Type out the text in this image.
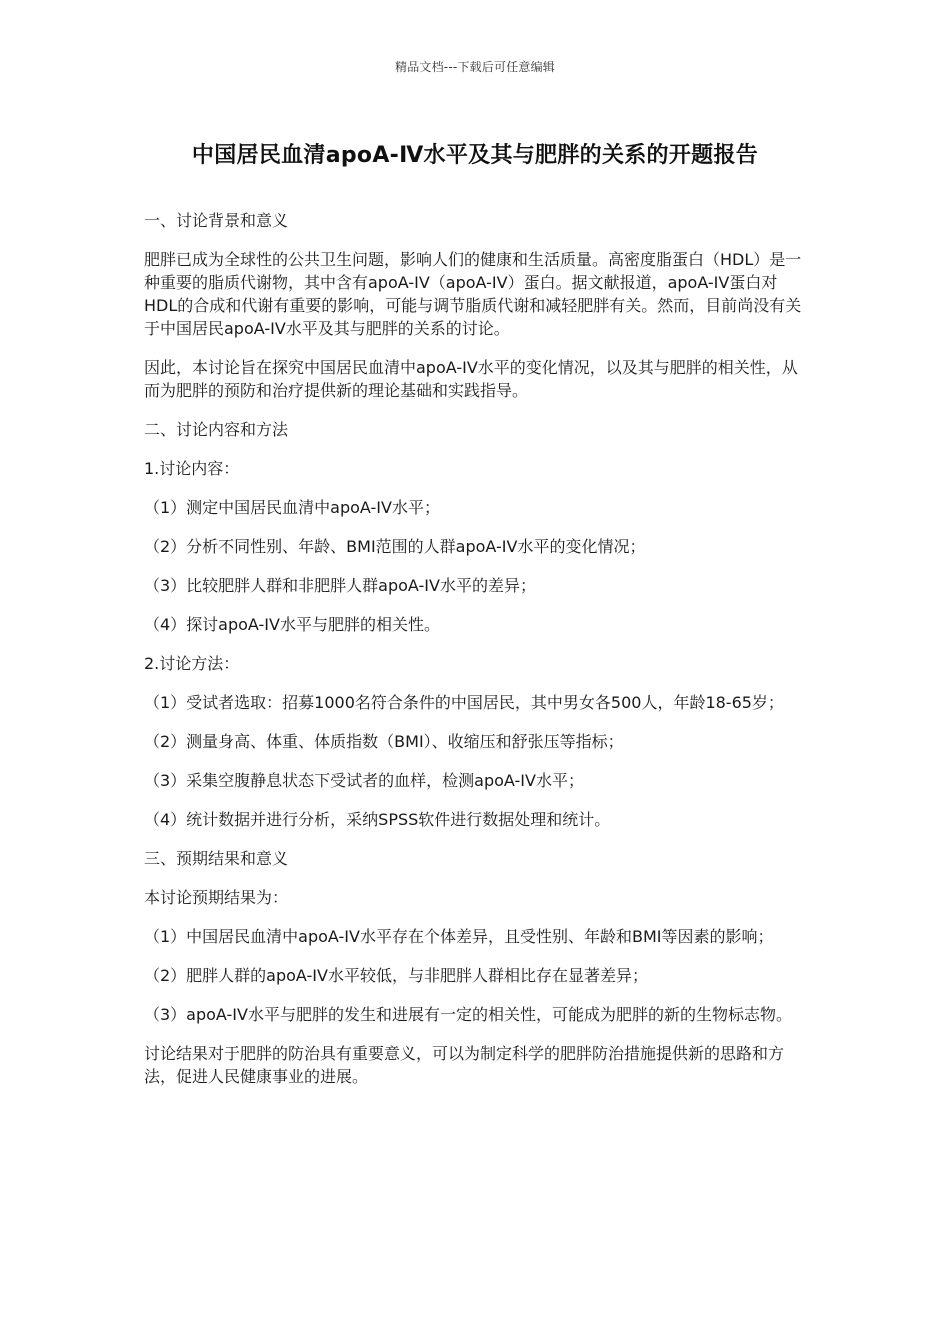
精品文档---下载后可任意编辑
中国居民血清apoA-Ⅳ水平及其与肥胖的关系的开题报告

一、讨论背景和意义

肥胖已成为全球性的公共卫生问题，影响人们的健康和生活质量。高密度脂蛋白（HDL）是一种重要的脂质代谢物，其中含有apoA-IV（apoA-IV）蛋白。据文献报道，apoA-IV蛋白对HDL的合成和代谢有重要的影响，可能与调节脂质代谢和减轻肥胖有关。然而，目前尚没有关于中国居民apoA-IV水平及其与肥胖的关系的讨论。

因此，本讨论旨在探究中国居民血清中apoA-IV水平的变化情况，以及其与肥胖的相关性，从而为肥胖的预防和治疗提供新的理论基础和实践指导。

二、讨论内容和方法

1.讨论内容：

（1）测定中国居民血清中apoA-IV水平；

（2）分析不同性别、年龄、BMI范围的人群apoA-IV水平的变化情况；

（3）比较肥胖人群和非肥胖人群apoA-IV水平的差异；

（4）探讨apoA-IV水平与肥胖的相关性。

2.讨论方法：

（1）受试者选取：招募1000名符合条件的中国居民，其中男女各500人，年龄18-65岁；

（2）测量身高、体重、体质指数（BMI）、收缩压和舒张压等指标；

（3）采集空腹静息状态下受试者的血样，检测apoA-IV水平；

（4）统计数据并进行分析，采纳SPSS软件进行数据处理和统计。

三、预期结果和意义

本讨论预期结果为：

（1）中国居民血清中apoA-IV水平存在个体差异，且受性别、年龄和BMI等因素的影响；

（2）肥胖人群的apoA-IV水平较低，与非肥胖人群相比存在显著差异；

（3）apoA-IV水平与肥胖的发生和进展有一定的相关性，可能成为肥胖的新的生物标志物。

讨论结果对于肥胖的防治具有重要意义，可以为制定科学的肥胖防治措施提供新的思路和方法，促进人民健康事业的进展。
